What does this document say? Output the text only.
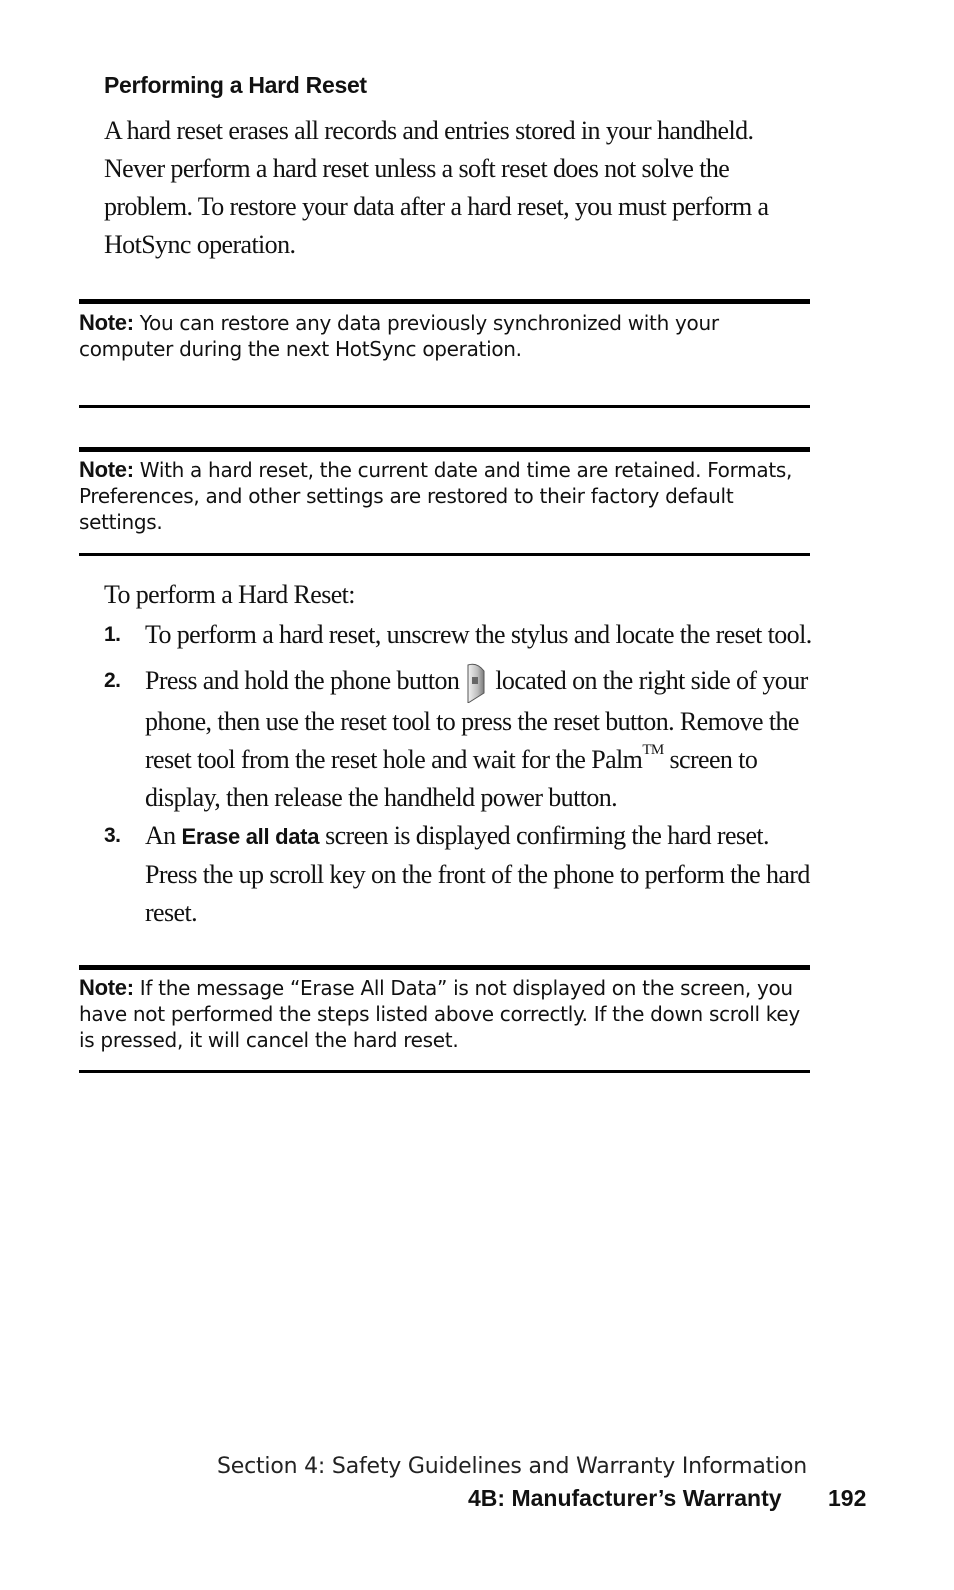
Performing a Hard Reset
A hard reset erases all records and entries stored in your handheld. Never perform a hard reset unless a soft reset does not solve the problem. To restore your data after a hard reset, you must perform a HotSync operation.
Note: You can restore any data previously synchronized with your computer during the next HotSync operation.
Note: With a hard reset, the current date and time are retained. Formats, Preferences, and other settings are restored to their factory default settings.
To perform a Hard Reset:
1. To perform a hard reset, unscrew the stylus and locate the reset tool.
2. Press and hold the phone button located on the right side of your phone, then use the reset tool to press the reset button. Remove the reset tool from the reset hole and wait for the Palm™ screen to display, then release the handheld power button.
3. An Erase all data screen is displayed confirming the hard reset. Press the up scroll key on the front of the phone to perform the hard reset.
Note: If the message “Erase All Data” is not displayed on the screen, you have not performed the steps listed above correctly. If the down scroll key is pressed, it will cancel the hard reset.
Section 4: Safety Guidelines and Warranty Information
4B: Manufacturer’s Warranty 192
